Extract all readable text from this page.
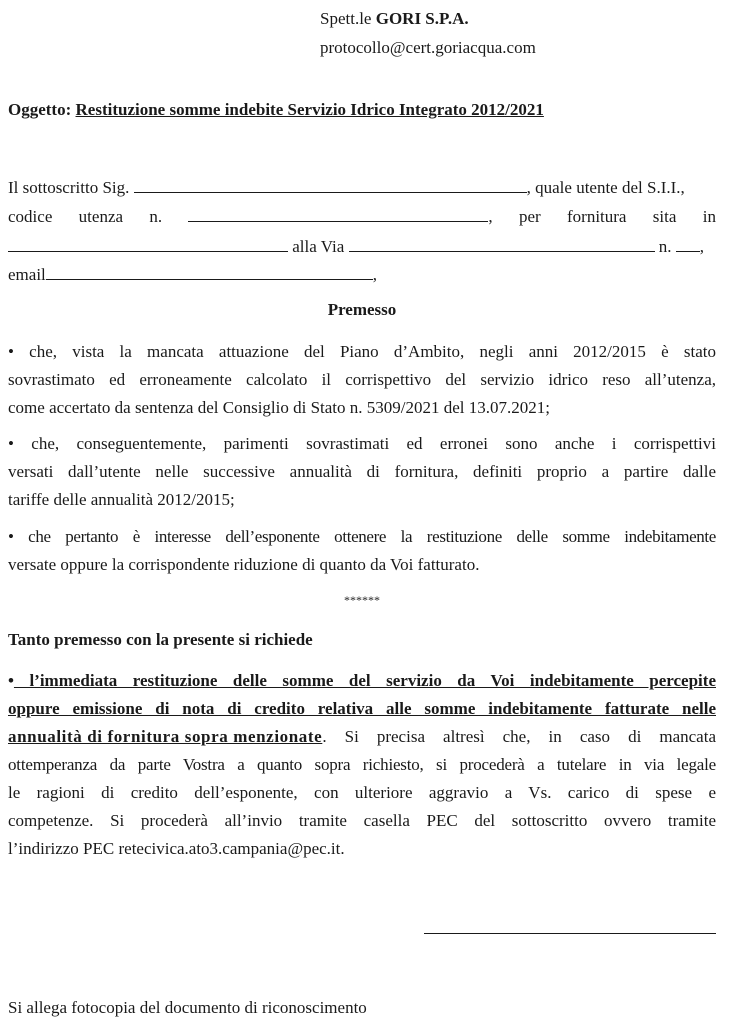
Spett.le GORI S.P.A.
protocollo@cert.goriacqua.com
Oggetto: Restituzione somme indebite Servizio Idrico Integrato 2012/2021
Il sottoscritto Sig.	, quale utente del S.I.I.,
codice utenza n.	, per fornitura sita in
alla Via	n. ,
email	,
Premesso
• che, vista la mancata attuazione del Piano d’Ambito, negli anni 2012/2015 è stato
sovrastimato ed erroneamente calcolato il corrispettivo del servizio idrico reso all’utenza,
come accertato da sentenza del Consiglio di Stato n. 5309/2021 del 13.07.2021;
• che, conseguentemente, parimenti sovrastimati ed erronei sono anche i corrispettivi
versati dall’utente nelle successive annualità di fornitura, definiti proprio a partire dalle
tariffe delle annualità 2012/2015;
• che pertanto è interesse dell’esponente ottenere la restituzione delle somme indebitamente
versate oppure la corrispondente riduzione di quanto da Voi fatturato.
******
Tanto premesso con la presente si richiede
• l’immediata restituzione delle somme del servizio da Voi indebitamente percepite
oppure emissione di nota di credito relativa alle somme indebitamente fatturate nelle
annualità di fornitura sopra menzionate . Si precisa altresì che, in caso di mancata
ottemperanza da parte Vostra a quanto sopra richiesto, si procederà a tutelare in via legale
le ragioni di credito dell’esponente, con ulteriore aggravio a Vs. carico di spese e
competenze. Si procederà all’invio tramite casella PEC del sottoscritto ovvero tramite
l’indirizzo PEC retecivica.ato3.campania@pec.it.
Si allega fotocopia del documento di riconoscimento
